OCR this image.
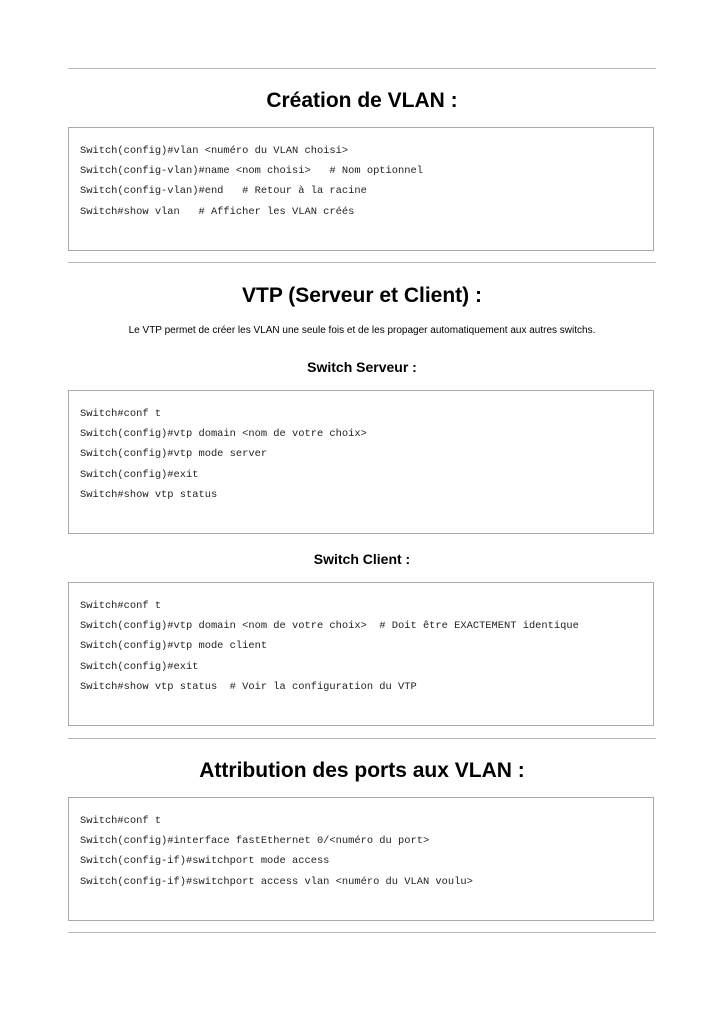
Création de VLAN :
Switch(config)#vlan <numéro du VLAN choisi>
Switch(config-vlan)#name <nom choisi>   # Nom optionnel
Switch(config-vlan)#end   # Retour à la racine
Switch#show vlan   # Afficher les VLAN créés
VTP (Serveur et Client) :

Le VTP permet de créer les VLAN une seule fois et de les propager automatiquement aux autres switchs.

Switch Serveur :
Switch#conf t
Switch(config)#vtp domain <nom de votre choix>
Switch(config)#vtp mode server
Switch(config)#exit
Switch#show vtp status
Switch Client :
Switch#conf t
Switch(config)#vtp domain <nom de votre choix>  # Doit être EXACTEMENT identique
Switch(config)#vtp mode client
Switch(config)#exit
Switch#show vtp status  # Voir la configuration du VTP
Attribution des ports aux VLAN :
Switch#conf t
Switch(config)#interface fastEthernet 0/<numéro du port>
Switch(config-if)#switchport mode access
Switch(config-if)#switchport access vlan <numéro du VLAN voulu>
